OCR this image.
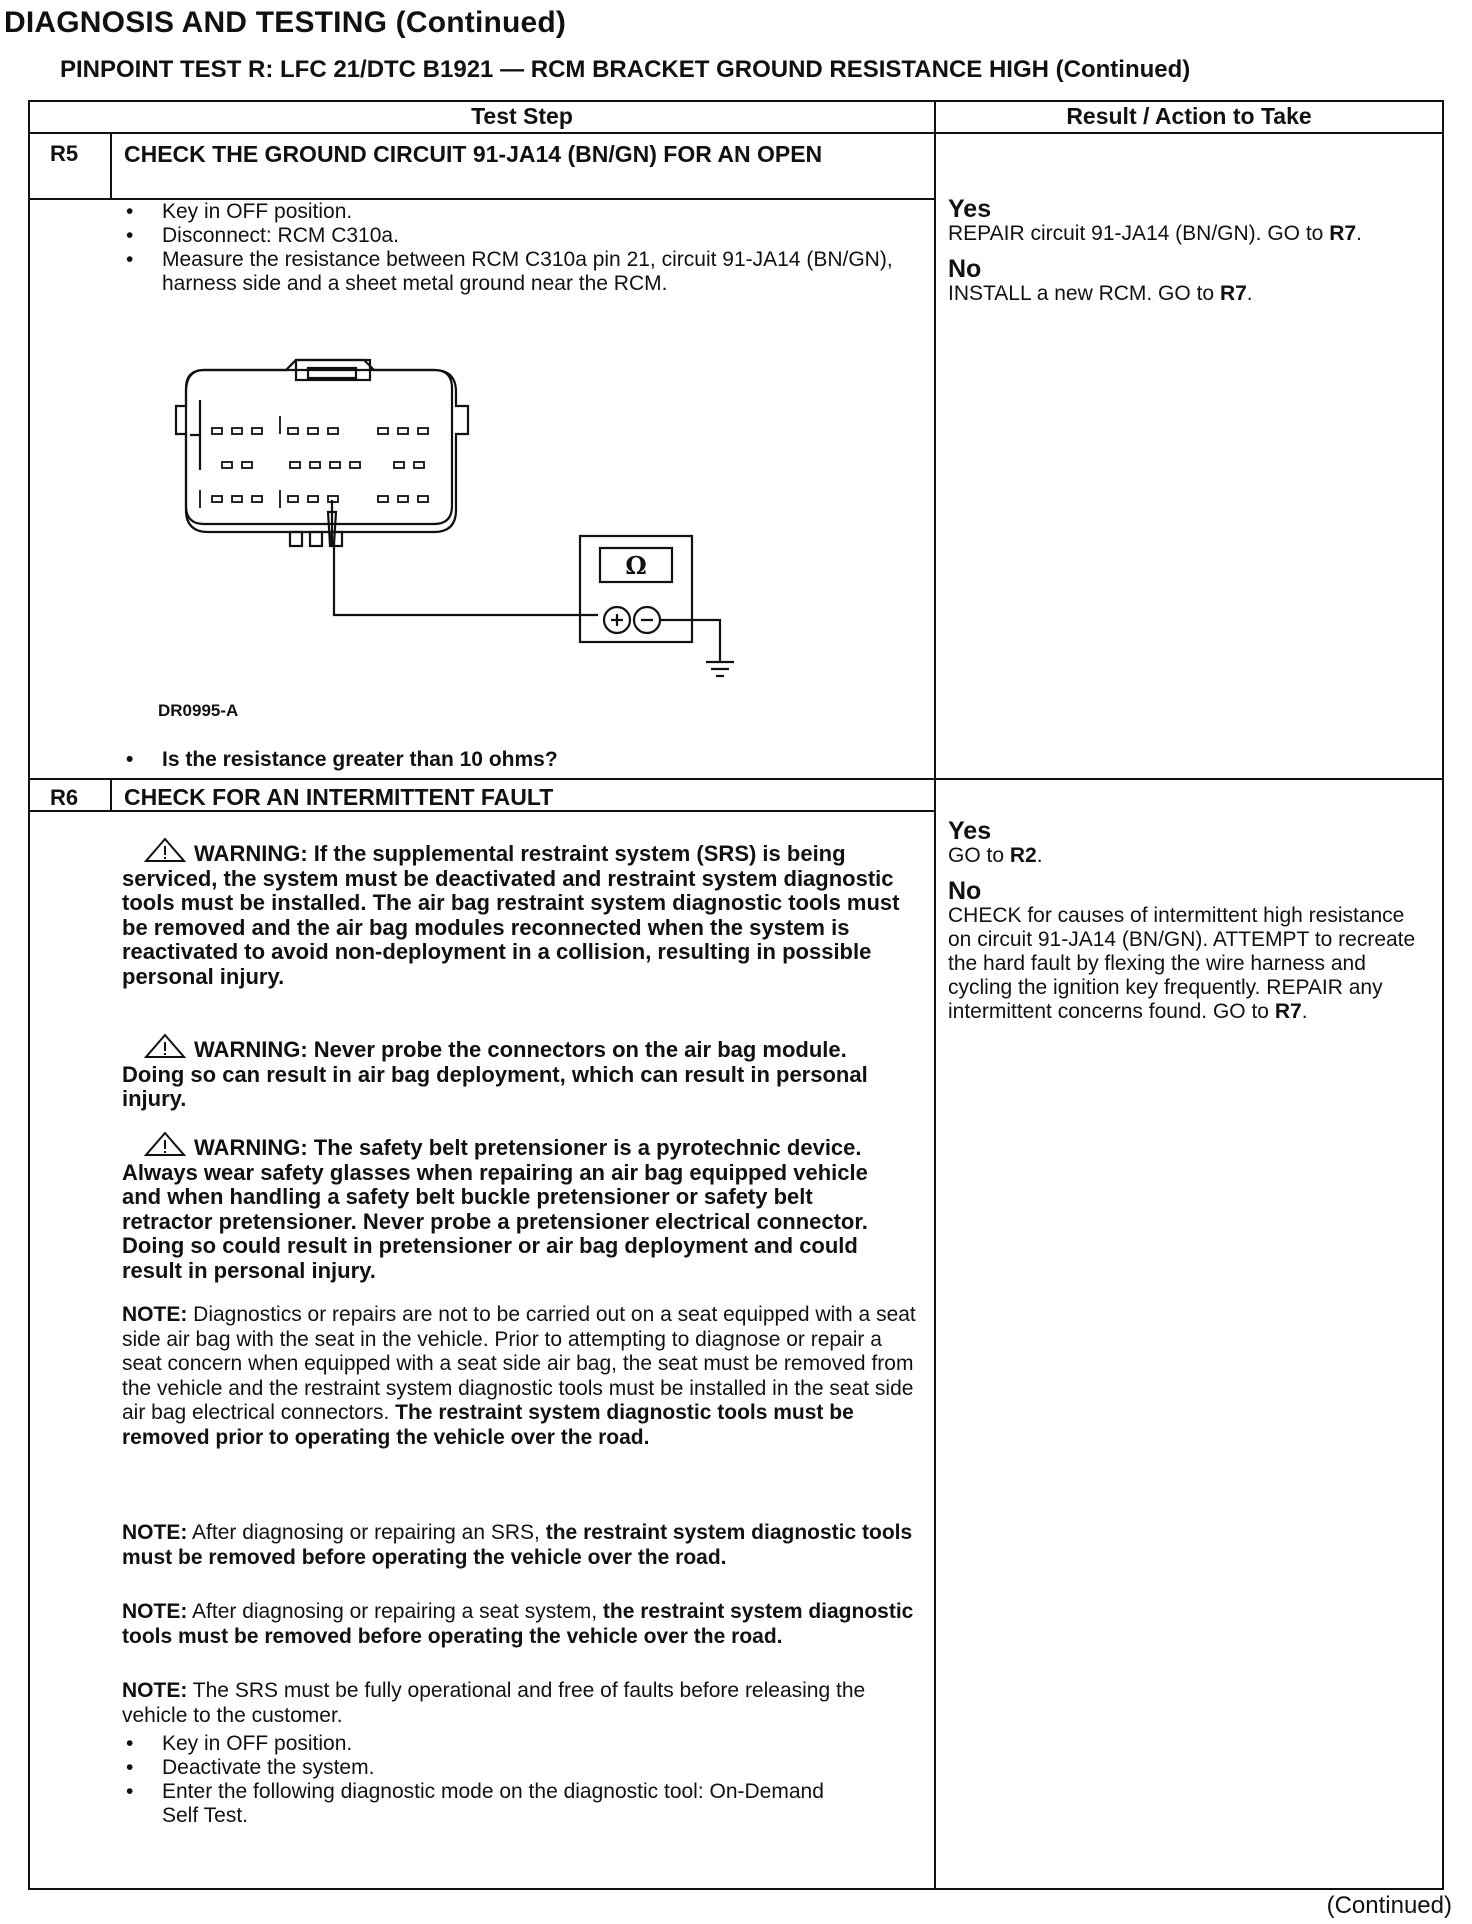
DIAGNOSIS AND TESTING (Continued)
PINPOINT TEST R: LFC 21/DTC B1921 — RCM BRACKET GROUND RESISTANCE HIGH (Continued)
Test Step	Result / Action to Take
R5 CHECK THE GROUND CIRCUIT 91-JA14 (BN/GN) FOR AN OPEN
• Key in OFF position.
• Disconnect: RCM C310a.
• Measure the resistance between RCM C310a pin 21, circuit 91-JA14 (BN/GN), harness side and a sheet metal ground near the RCM.
Ω
DR0995-A
• Is the resistance greater than 10 ohms?

Yes
REPAIR circuit 91-JA14 (BN/GN). GO to R7.

No
INSTALL a new RCM. GO to R7.

R6 CHECK FOR AN INTERMITTENT FAULT
WARNING: If the supplemental restraint system (SRS) is being serviced, the system must be deactivated and restraint system diagnostic tools must be installed. The air bag restraint system diagnostic tools must be removed and the air bag modules reconnected when the system is reactivated to avoid non-deployment in a collision, resulting in possible personal injury.
WARNING: Never probe the connectors on the air bag module. Doing so can result in air bag deployment, which can result in personal injury.
WARNING: The safety belt pretensioner is a pyrotechnic device. Always wear safety glasses when repairing an air bag equipped vehicle and when handling a safety belt buckle pretensioner or safety belt retractor pretensioner. Never probe a pretensioner electrical connector. Doing so could result in pretensioner or air bag deployment and could result in personal injury.
NOTE: Diagnostics or repairs are not to be carried out on a seat equipped with a seat side air bag with the seat in the vehicle. Prior to attempting to diagnose or repair a seat concern when equipped with a seat side air bag, the seat must be removed from the vehicle and the restraint system diagnostic tools must be installed in the seat side air bag electrical connectors. The restraint system diagnostic tools must be removed prior to operating the vehicle over the road.
NOTE: After diagnosing or repairing an SRS, the restraint system diagnostic tools must be removed before operating the vehicle over the road.
NOTE: After diagnosing or repairing a seat system, the restraint system diagnostic tools must be removed before operating the vehicle over the road.
NOTE: The SRS must be fully operational and free of faults before releasing the vehicle to the customer.
• Key in OFF position.
• Deactivate the system.
• Enter the following diagnostic mode on the diagnostic tool: On-Demand Self Test.

Yes
GO to R2.

No
CHECK for causes of intermittent high resistance on circuit 91-JA14 (BN/GN). ATTEMPT to recreate the hard fault by flexing the wire harness and cycling the ignition key frequently. REPAIR any intermittent concerns found. GO to R7.

(Continued)
